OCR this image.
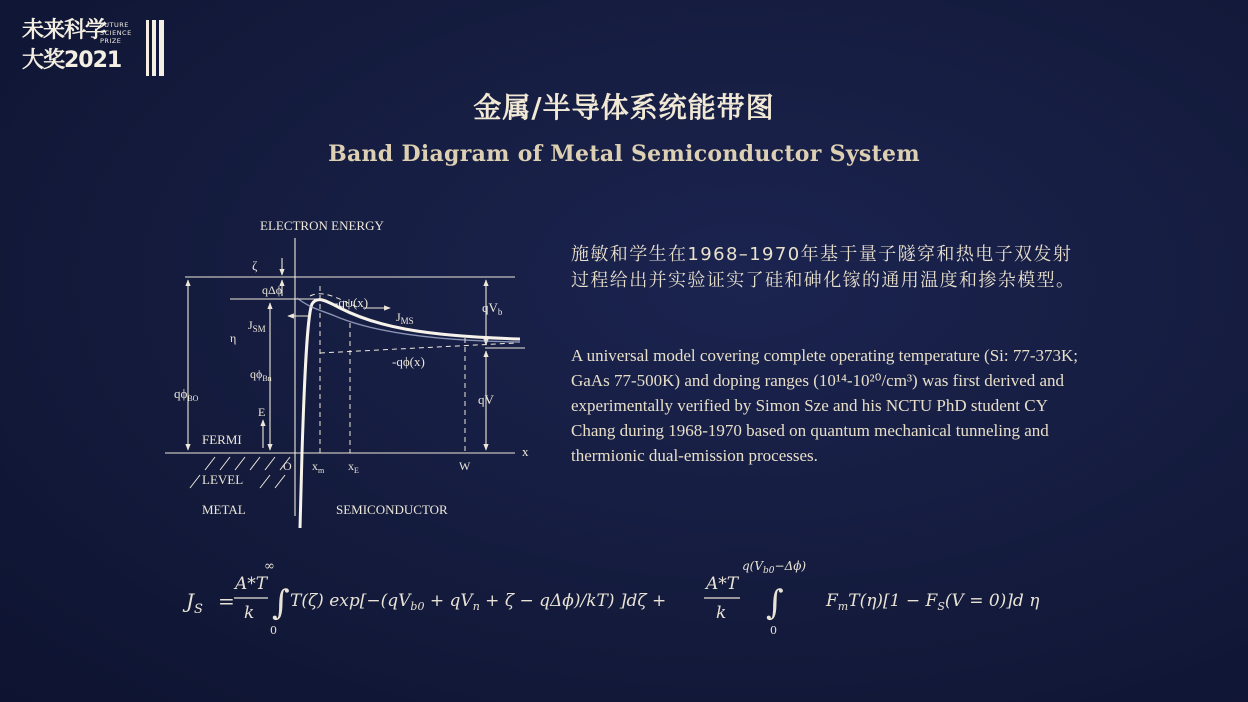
未来科学
大奖2021
FUTURE
SCIENCE
PRIZE
金属/半导体系统能带图
Band Diagram of Metal Semiconductor System
ELECTRON ENERGY
ζ
qΔϕ
-qψ(x)
$J_{SM}$
η
$J_{MS}$
$qV_b$
$q\phi_{Bn}$
$q\phi_{BO}$
-qϕ(x)
qV
E
FERMI
LEVEL
O $x_m$ $x_E$	W
x
METAL	SEMICONDUCTOR
施敏和学生在1968–1970年基于量子隧穿和热电子双发射过程给出并实验证实了硅和砷化镓的通用温度和掺杂模型。
A universal model covering complete operating temperature (Si: 77-373K; GaAs 77-500K) and doping ranges (10¹⁴-10²⁰/cm³) was first derived and experimentally verified by Simon Sze and his NCTU PhD student CY Chang during 1968-1970 based on quantum mechanical tunneling and thermionic dual-emission processes.
$J_S$ =
A*T
k
∞
∫
0
T(ζ) $\exp[-(qV_{b0} + qV_n + \zeta - q\Delta\phi)/kT)$ ]dζ +
A*T
k
$q(V_{b0}-\Delta\phi)$
∫
0
$F_mT(\eta)[1 - F_S(V = 0)]d$ η
